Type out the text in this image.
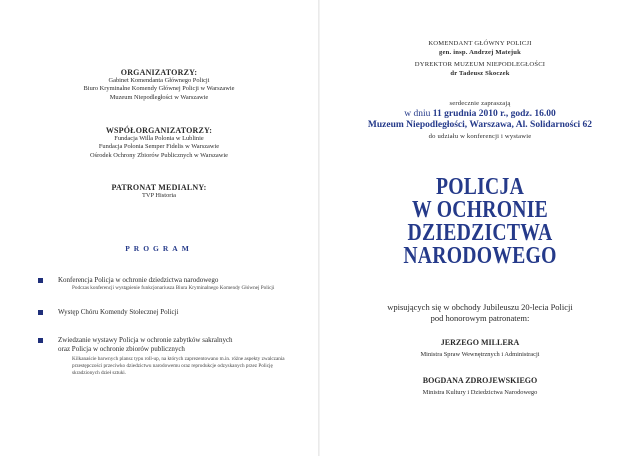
ORGANIZATORZY:
Gabinet Komendanta Głównego Policji
Biuro Kryminalne Komendy Głównej Policji w Warszawie
Muzeum Niepodległości w Warszawie
WSPÓŁORGANIZATORZY:
Fundacja Willa Polonia w Lublinie
Fundacja Polonia Semper Fidelis w Warszawie
Ośrodek Ochrony Zbiorów Publicznych w Warszawie
PATRONAT MEDIALNY:
TVP Historia
PROGRAM
Konferencja Policja w ochronie dziedzictwa narodowego
Podczas konferencji wystąpienie funkcjonariusza Biura Kryminalnego Komendy Głównej Policji
Występ Chóru Komendy Stołecznej Policji
Zwiedzanie wystawy Policja w ochronie zabytków sakralnych
oraz Policja w ochronie zbiorów publicznych
Kilkanaście barwnych plansz typu roll-up, na których zaprezentowano m.in. różne aspekty zwalczania przestępczości przeciwko dziedzictwu narodowemu oraz reprodukcje odzyskanych przez Policję skradzionych dzieł sztuki.
KOMENDANT GŁÓWNY POLICJI
gen. insp. Andrzej Matejuk
DYREKTOR MUZEUM NIEPODLEGŁOŚCI
dr Tadeusz Skoczek
serdecznie zapraszają
w dniu 11 grudnia 2010 r., godz. 16.00
Muzeum Niepodległości, Warszawa, Al. Solidarności 62
do udziału w konferencji i wystawie
POLICJA
W OCHRONIE
DZIEDZICTWA
NARODOWEGO
wpisujących się w obchody Jubileuszu 20-lecia Policji
pod honorowym patronatem:
JERZEGO MILLERA
Ministra Spraw Wewnętrznych i Administracji
BOGDANA ZDROJEWSKIEGO
Ministra Kultury i Dziedzictwa Narodowego
